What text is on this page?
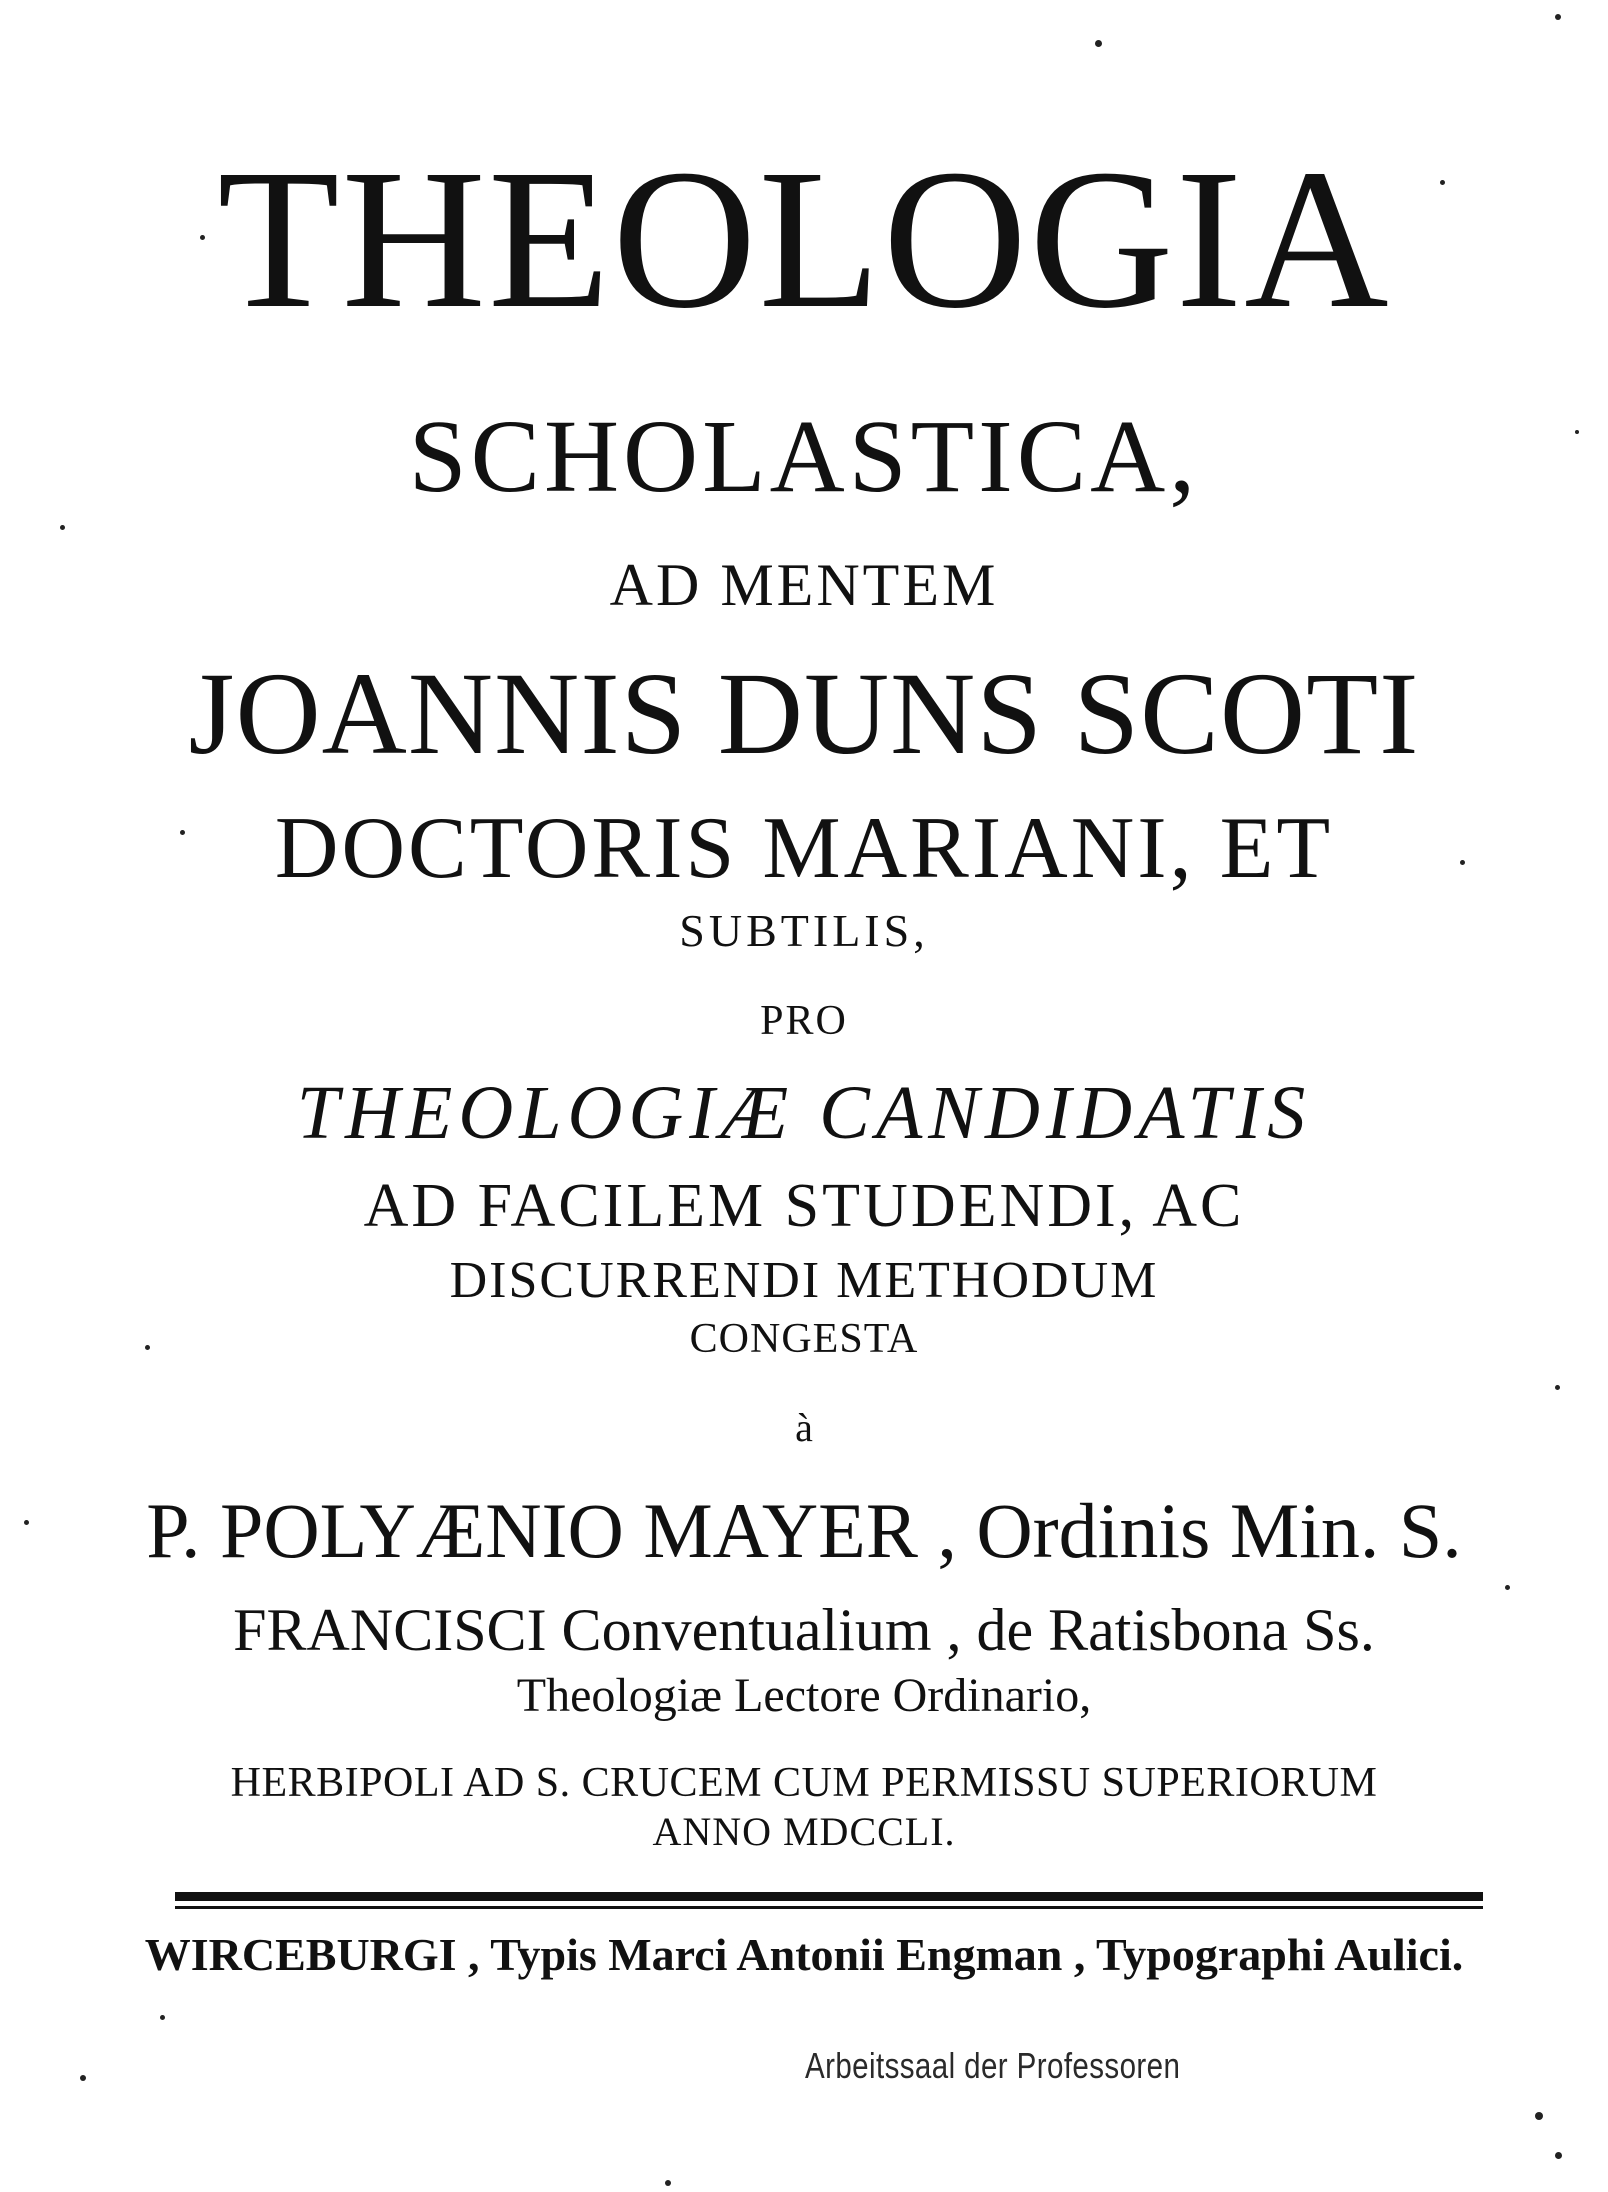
THEOLOGIA
SCHOLASTICA,
AD MENTEM
JOANNIS DUNS SCOTI
DOCTORIS MARIANI, ET
SUBTILIS,
PRO
THEOLOGIÆ CANDIDATIS
AD FACILEM STUDENDI, AC
DISCURRENDI METHODUM
CONGESTA
à
P. POLYÆNIO MAYER , Ordinis Min. S.
FRANCISCI Conventualium , de Ratisbona Ss.
Theologiæ Lectore Ordinario,
HERBIPOLI AD S. CRUCEM CUM PERMISSU SUPERIORUM
ANNO MDCCLI.
WIRCEBURGI , Typis Marci Antonii Engman , Typographi Aulici.
Arbeitssaal der Professoren
